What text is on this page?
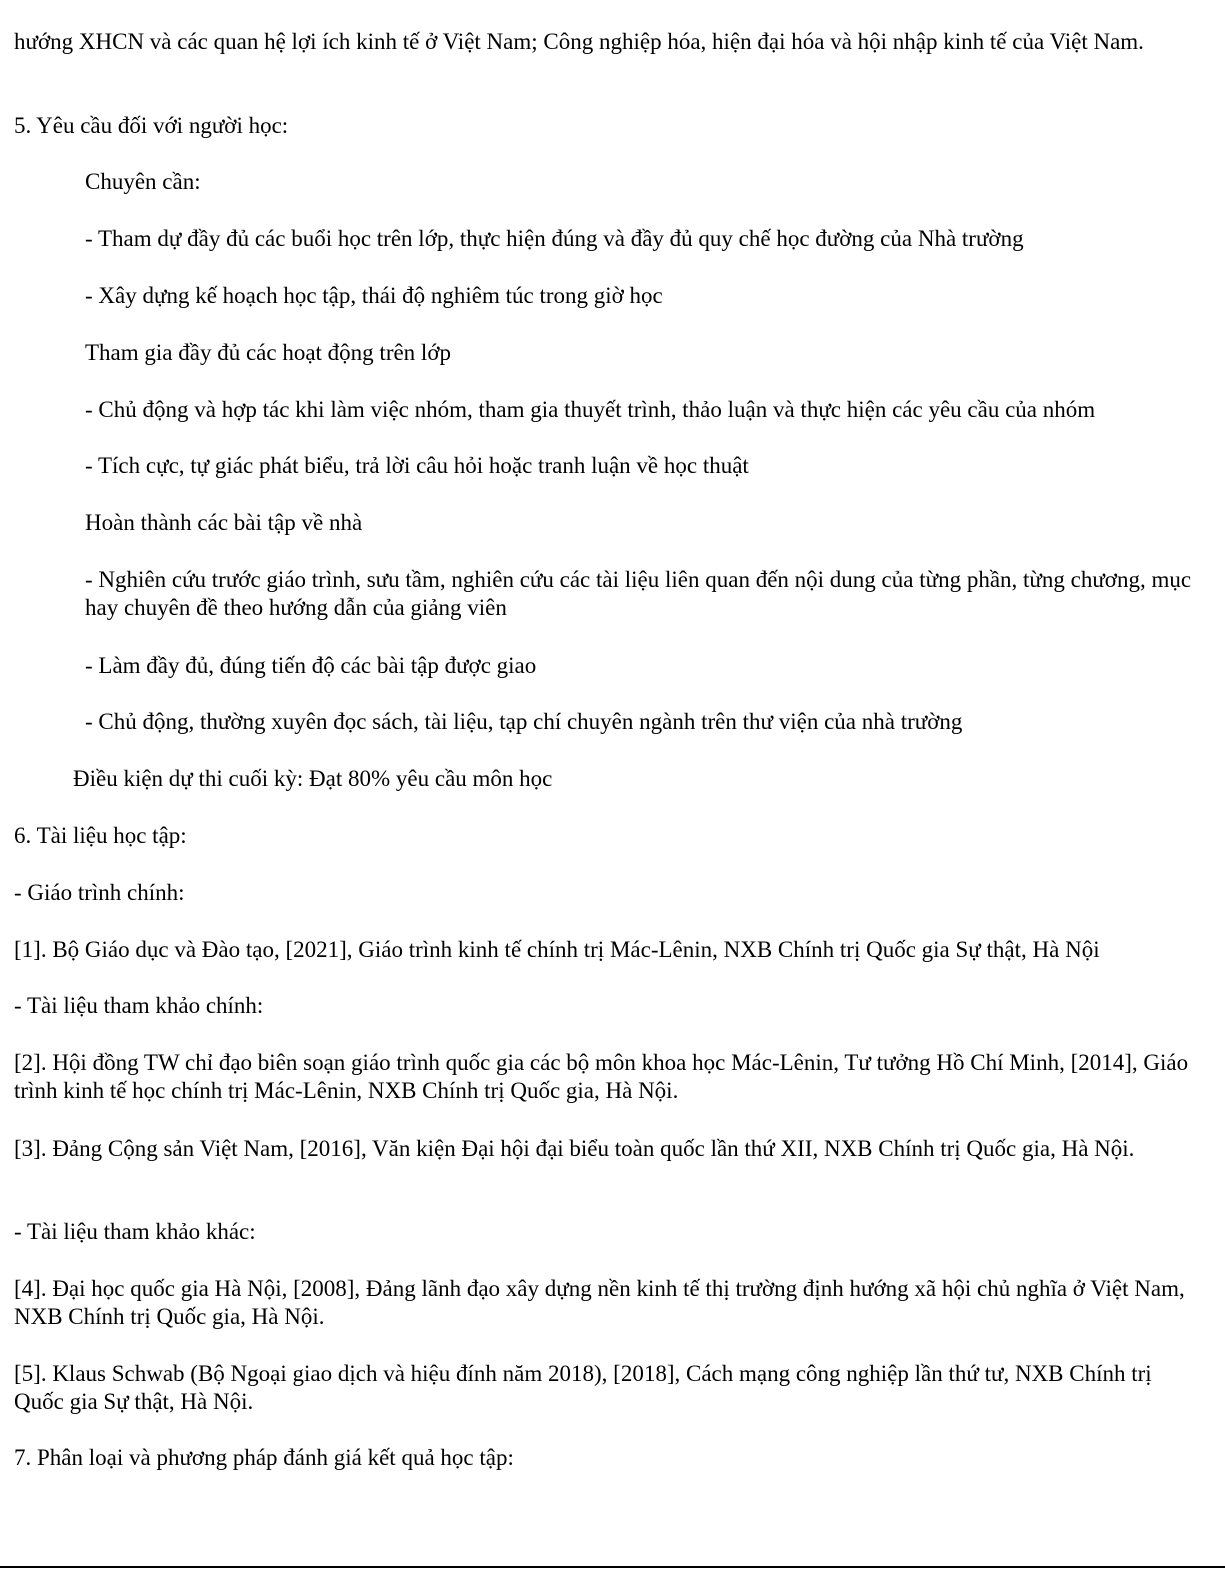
hướng XHCN và các quan hệ lợi ích kinh tế ở Việt Nam; Công nghiệp hóa, hiện đại hóa và hội nhập kinh tế của Việt Nam.

5. Yêu cầu đối với người học:

Chuyên cần:

- Tham dự đầy đủ các buổi học trên lớp, thực hiện đúng và đầy đủ quy chế học đường của Nhà trường

- Xây dựng kế hoạch học tập, thái độ nghiêm túc trong giờ học

Tham gia đầy đủ các hoạt động trên lớp

- Chủ động và hợp tác khi làm việc nhóm, tham gia thuyết trình, thảo luận và thực hiện các yêu cầu của nhóm

- Tích cực, tự giác phát biểu, trả lời câu hỏi hoặc tranh luận về học thuật

Hoàn thành các bài tập về nhà

- Nghiên cứu trước giáo trình, sưu tầm, nghiên cứu các tài liệu liên quan đến nội dung của từng phần, từng chương, mục hay chuyên đề theo hướng dẫn của giảng viên

- Làm đầy đủ, đúng tiến độ các bài tập được giao

- Chủ động, thường xuyên đọc sách, tài liệu, tạp chí chuyên ngành trên thư viện của nhà trường

Điều kiện dự thi cuối kỳ: Đạt 80% yêu cầu môn học

6. Tài liệu học tập:

- Giáo trình chính:

[1]. Bộ Giáo dục và Đào tạo, [2021], Giáo trình kinh tế chính trị Mác-Lênin, NXB Chính trị Quốc gia Sự thật, Hà Nội

- Tài liệu tham khảo chính:

[2]. Hội đồng TW chỉ đạo biên soạn giáo trình quốc gia các bộ môn khoa học Mác-Lênin, Tư tưởng Hồ Chí Minh, [2014], Giáo trình kinh tế học chính trị Mác-Lênin, NXB Chính trị Quốc gia, Hà Nội.

[3]. Đảng Cộng sản Việt Nam, [2016], Văn kiện Đại hội đại biểu toàn quốc lần thứ XII, NXB Chính trị Quốc gia, Hà Nội.

- Tài liệu tham khảo khác:

[4]. Đại học quốc gia Hà Nội, [2008], Đảng lãnh đạo xây dựng nền kinh tế thị trường định hướng xã hội chủ nghĩa ở Việt Nam, NXB Chính trị Quốc gia, Hà Nội.

[5]. Klaus Schwab (Bộ Ngoại giao dịch và hiệu đính năm 2018), [2018], Cách mạng công nghiệp lần thứ tư, NXB Chính trị Quốc gia Sự thật, Hà Nội.

7. Phân loại và phương pháp đánh giá kết quả học tập:
